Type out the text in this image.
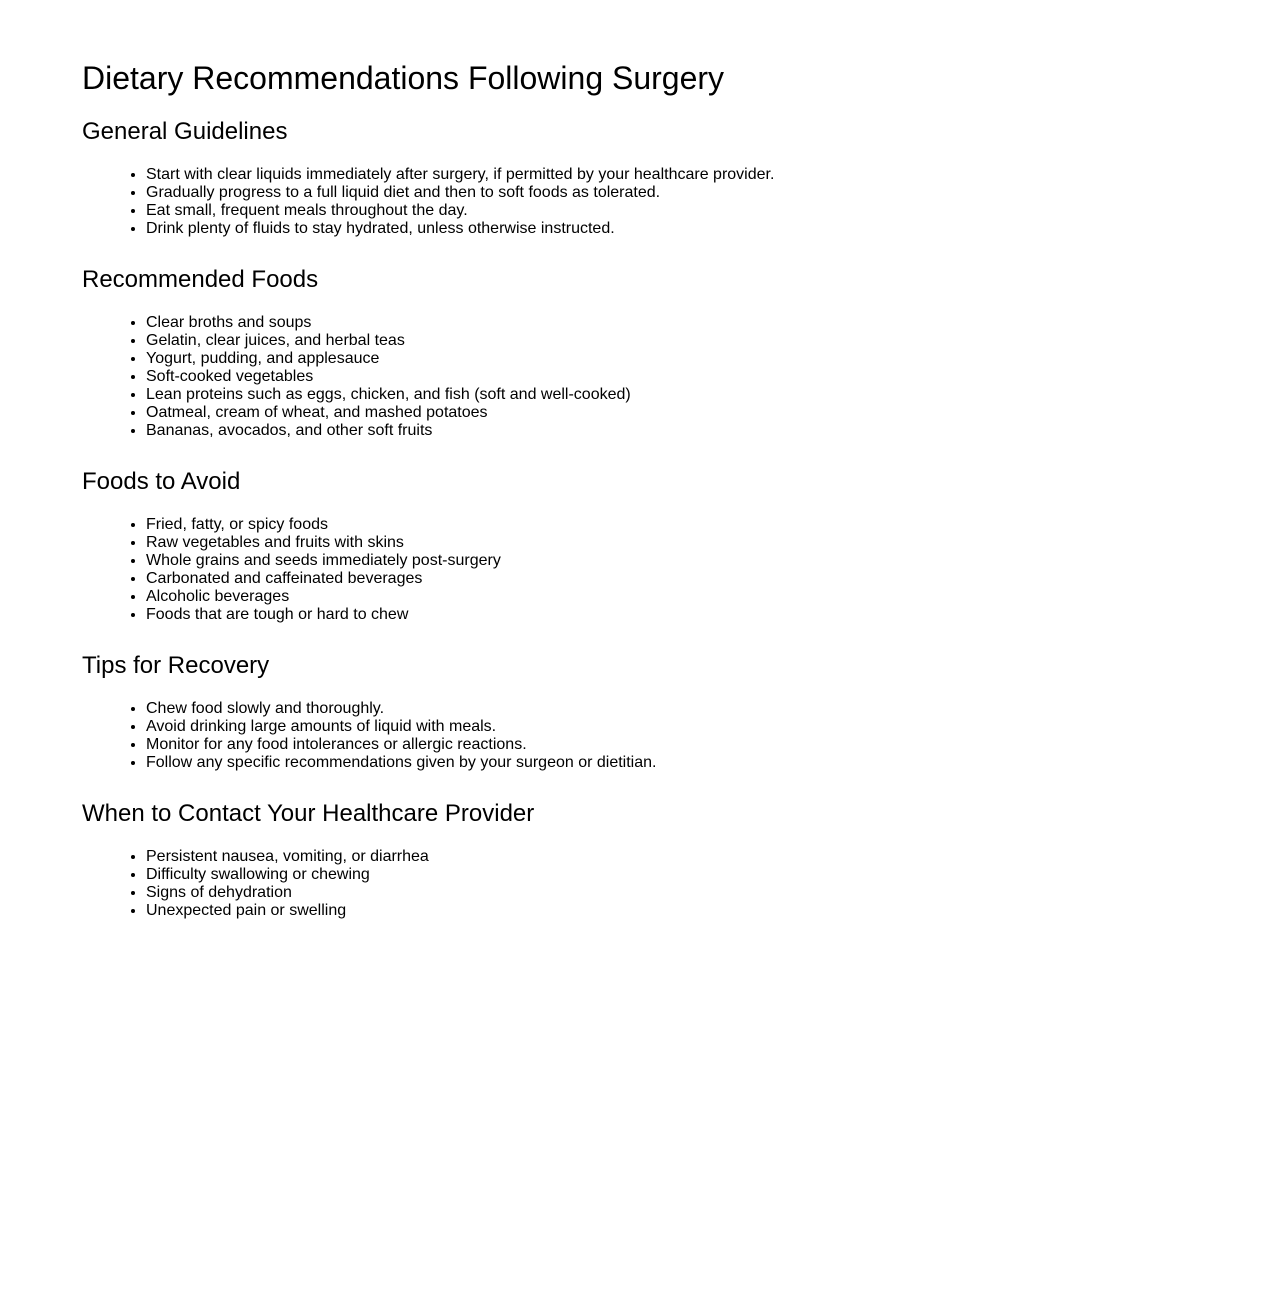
Dietary Recommendations Following Surgery
General Guidelines
• Start with clear liquids immediately after surgery, if permitted by your healthcare provider.
• Gradually progress to a full liquid diet and then to soft foods as tolerated.
• Eat small, frequent meals throughout the day.
• Drink plenty of fluids to stay hydrated, unless otherwise instructed.
Recommended Foods
• Clear broths and soups
• Gelatin, clear juices, and herbal teas
• Yogurt, pudding, and applesauce
• Soft-cooked vegetables
• Lean proteins such as eggs, chicken, and fish (soft and well-cooked)
• Oatmeal, cream of wheat, and mashed potatoes
• Bananas, avocados, and other soft fruits
Foods to Avoid
• Fried, fatty, or spicy foods
• Raw vegetables and fruits with skins
• Whole grains and seeds immediately post-surgery
• Carbonated and caffeinated beverages
• Alcoholic beverages
• Foods that are tough or hard to chew
Tips for Recovery
• Chew food slowly and thoroughly.
• Avoid drinking large amounts of liquid with meals.
• Monitor for any food intolerances or allergic reactions.
• Follow any specific recommendations given by your surgeon or dietitian.
When to Contact Your Healthcare Provider
• Persistent nausea, vomiting, or diarrhea
• Difficulty swallowing or chewing
• Signs of dehydration
• Unexpected pain or swelling
